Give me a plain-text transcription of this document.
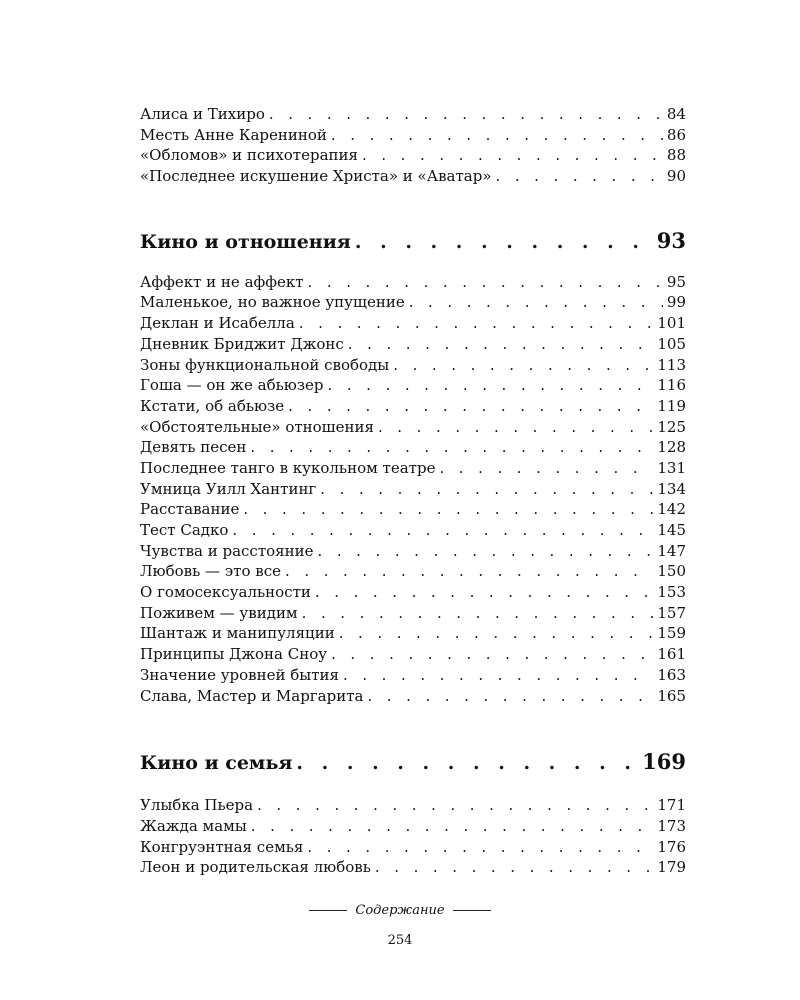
Алиса и Тихиро . . .	84
Месть Анне Карениной . . .	86
«Обломов» и психотерапия . . .	88
«Последнее искушение Христа» и «Аватар» . . .	90
Кино и отношения . . .	93
Аффект и не аффект . . .	95
Маленькое, но важное упущение . . .	99
Деклан и Исабелла . . .	101
Дневник Бриджит Джонс . . .	105
Зоны функциональной свободы . . .	113
Гоша — он же абьюзер . . .	116
Кстати, об абьюзе . . .	119
«Обстоятельные» отношения . . .	125
Девять песен . . .	128
Последнее танго в кукольном театре . . .	131
Умница Уилл Хантинг . . .	134
Расставание . . .	142
Тест Садко . . .	145
Чувства и расстояние . . .	147
Любовь — это все . . .	150
О гомосексуальности . . .	153
Поживем — увидим . . .	157
Шантаж и манипуляции . . .	159
Принципы Джона Сноу . . .	161
Значение уровней бытия . . .	163
Слава, Мастер и Маргарита . . .	165
Кино и семья . . .	169
Улыбка Пьера . . .	171
Жажда мамы . . .	173
Конгруэнтная семья . . .	176
Леон и родительская любовь . . .	179
Содержание
254
